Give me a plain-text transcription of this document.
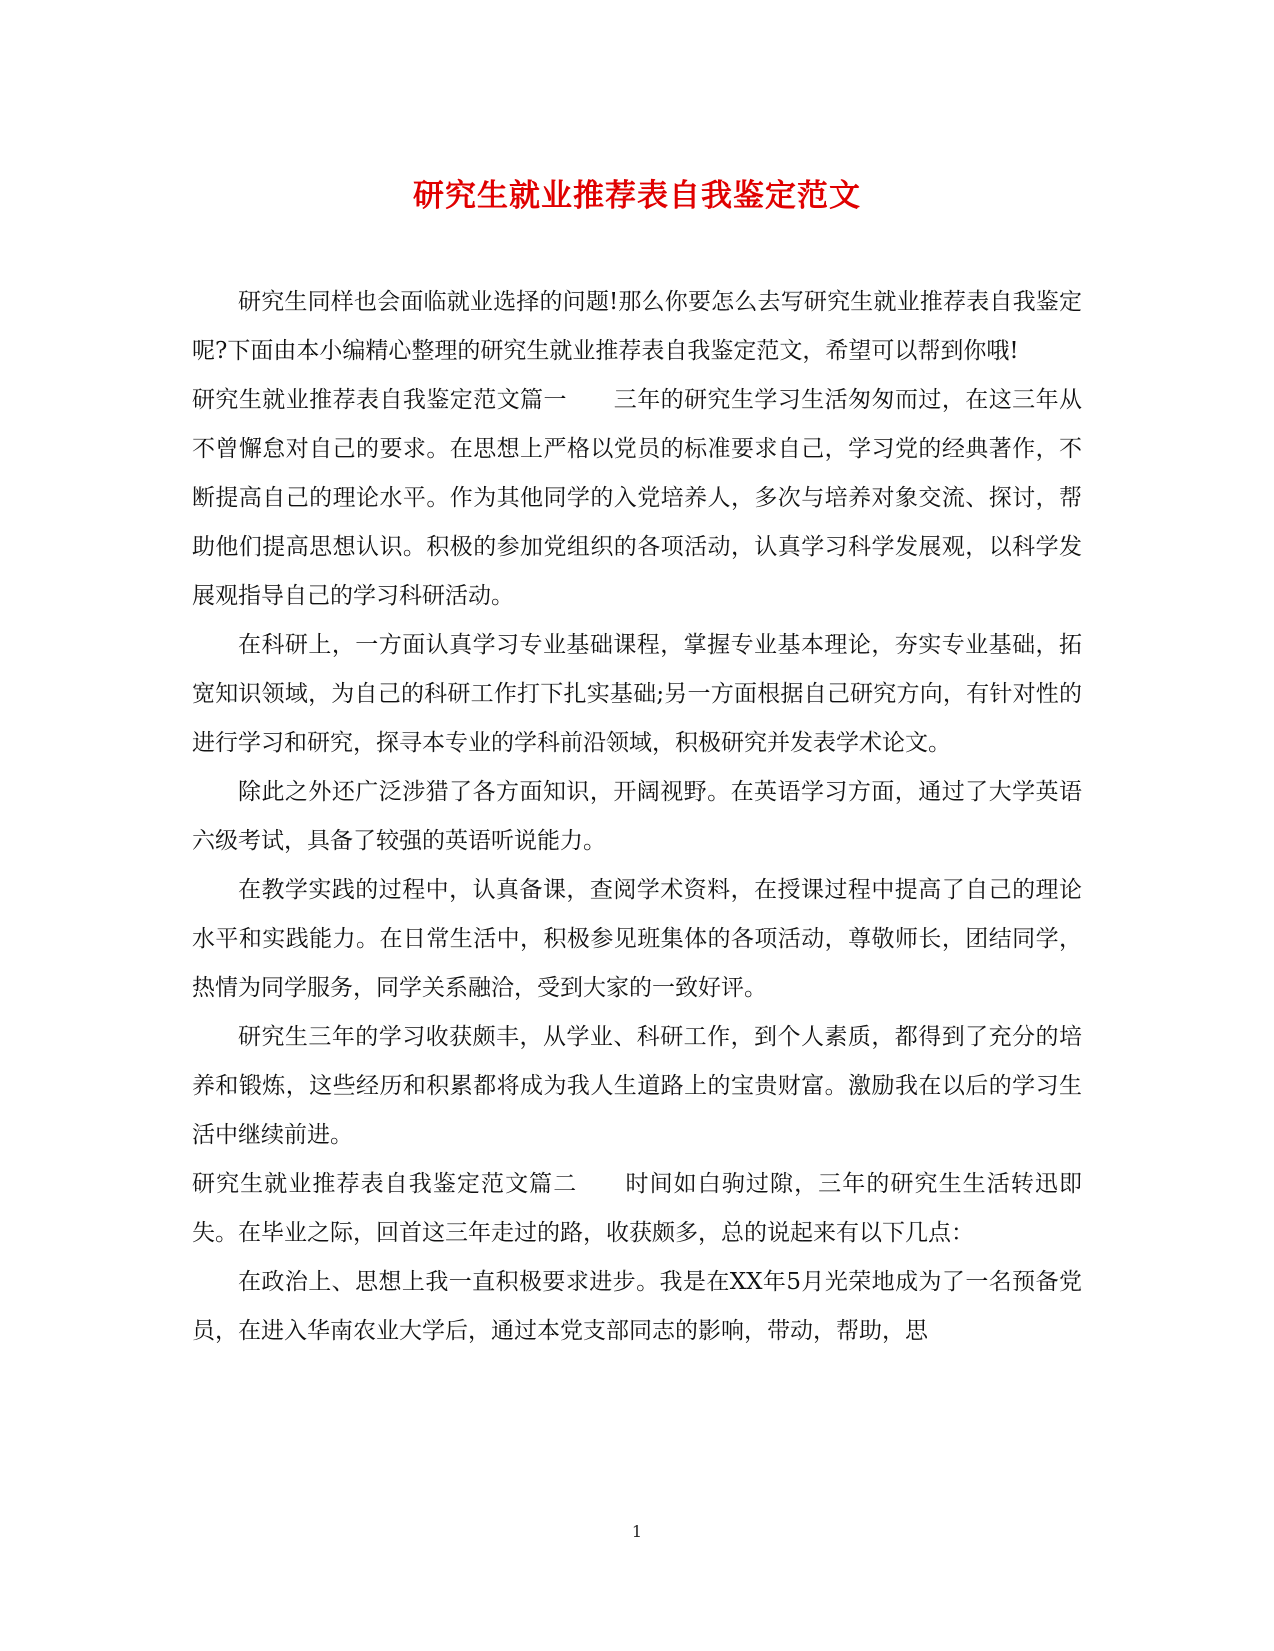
研究生就业推荐表自我鉴定范文

研究生同样也会面临就业选择的问题!那么你要怎么去写研究生就业推荐表自我鉴定呢?下面由本小编精心整理的研究生就业推荐表自我鉴定范文，希望可以帮到你哦!

研究生就业推荐表自我鉴定范文篇一　　三年的研究生学习生活匆匆而过，在这三年从不曾懈怠对自己的要求。在思想上严格以党员的标准要求自己，学习党的经典著作，不断提高自己的理论水平。作为其他同学的入党培养人，多次与培养对象交流、探讨，帮助他们提高思想认识。积极的参加党组织的各项活动，认真学习科学发展观，以科学发展观指导自己的学习科研活动。

在科研上，一方面认真学习专业基础课程，掌握专业基本理论，夯实专业基础，拓宽知识领域，为自己的科研工作打下扎实基础;另一方面根据自己研究方向，有针对性的进行学习和研究，探寻本专业的学科前沿领域，积极研究并发表学术论文。

除此之外还广泛涉猎了各方面知识，开阔视野。在英语学习方面，通过了大学英语六级考试，具备了较强的英语听说能力。

在教学实践的过程中，认真备课，查阅学术资料，在授课过程中提高了自己的理论水平和实践能力。在日常生活中，积极参见班集体的各项活动，尊敬师长，团结同学，热情为同学服务，同学关系融洽，受到大家的一致好评。

研究生三年的学习收获颇丰，从学业、科研工作，到个人素质，都得到了充分的培养和锻炼，这些经历和积累都将成为我人生道路上的宝贵财富。激励我在以后的学习生活中继续前进。

研究生就业推荐表自我鉴定范文篇二　　时间如白驹过隙，三年的研究生生活转迅即失。在毕业之际，回首这三年走过的路，收获颇多，总的说起来有以下几点：

在政治上、思想上我一直积极要求进步。我是在XX年5月光荣地成为了一名预备党员，在进入华南农业大学后，通过本党支部同志的影响，带动，帮助，思

1
